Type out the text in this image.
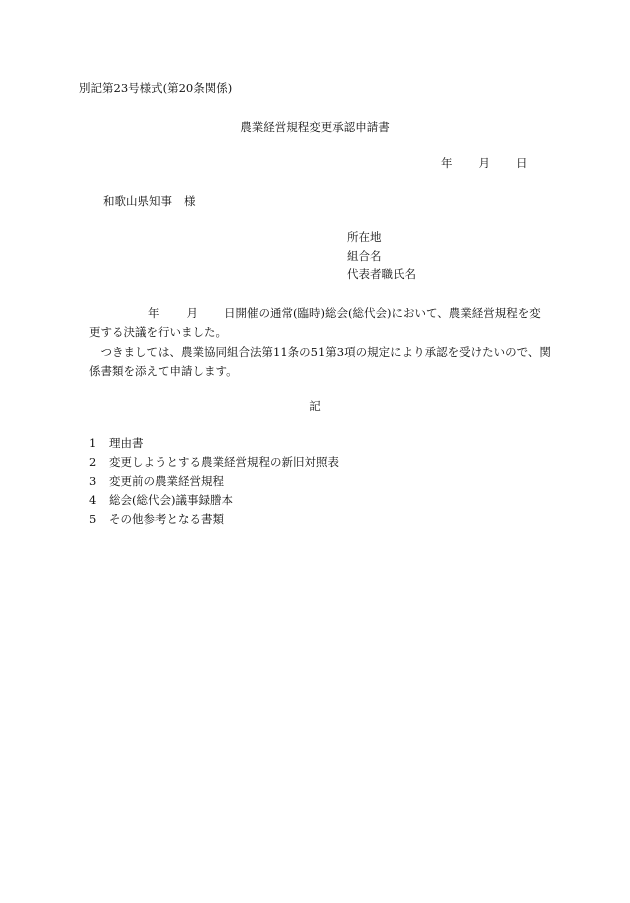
別記第23号様式(第20条関係)
農業経営規程変更承認申請書
年 月 日
和歌山県知事 様
所在地
組合名
代表者職氏名
年 月 日開催の通常(臨時)総会(総代会)において、農業経営規程を変
更する決議を行いました。
　つきましては、農業協同組合法第11条の51第3項の規定により承認を受けたいので、関
係書類を添えて申請します。
記
1 理由書
2 変更しようとする農業経営規程の新旧対照表
3 変更前の農業経営規程
4 総会(総代会)議事録謄本
5 その他参考となる書類
